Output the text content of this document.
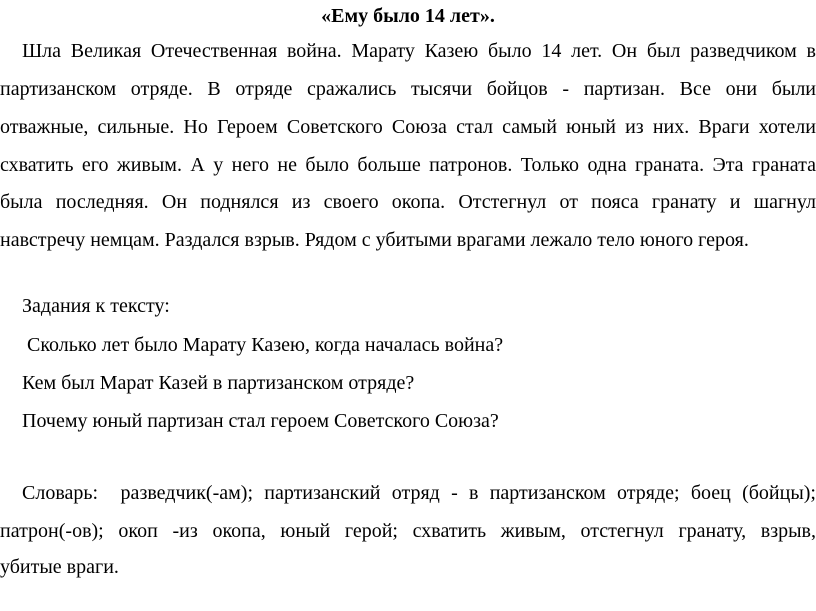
«Ему было 14 лет».
Шла Великая Отечественная война. Марату Казею было 14 лет. Он был разведчиком в
партизанском отряде. В отряде сражались тысячи бойцов - партизан. Все они были
отважные, сильные. Но Героем Советского Союза стал самый юный из них. Враги хотели
схватить его живым. А у него не было больше патронов. Только одна граната. Эта граната
была последняя. Он поднялся из своего окопа. Отстегнул от пояса гранату и шагнул
навстречу немцам. Раздался взрыв. Рядом с убитыми врагами лежало тело юного героя.
Задания к тексту:
Сколько лет было Марату Казею, когда началась война?
Кем был Марат Казей в партизанском отряде?
Почему юный партизан стал героем Советского Союза?
Словарь:  разведчик(-ам); партизанский отряд - в партизанском отряде; боец (бойцы);
патрон(-ов); окоп -из окопа, юный герой; схватить живым, отстегнул гранату, взрыв,
убитые враги.
